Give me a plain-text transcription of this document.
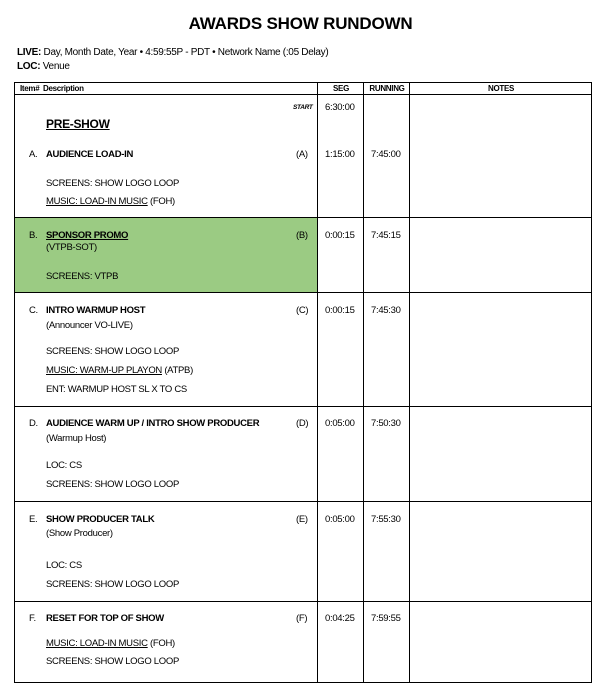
AWARDS SHOW RUNDOWN
LIVE: Day, Month Date, Year • 4:59:55P - PDT • Network Name (:05 Delay)
LOC: Venue
Item# Description	SEG	RUNNING	NOTES
START 6:30:00
PRE-SHOW
A. AUDIENCE LOAD-IN	(A) 1:15:00 7:45:00
SCREENS: SHOW LOGO LOOP
MUSIC: LOAD-IN MUSIC (FOH)
B. SPONSOR PROMO
(VTPB-SOT)
(B) 0:00:15 7:45:15
SCREENS: VTPB
C. INTRO WARMUP HOST
(Announcer VO-LIVE)
(C) 0:00:15 7:45:30
SCREENS: SHOW LOGO LOOP
MUSIC: WARM-UP PLAYON (ATPB)
ENT: WARMUP HOST SL X TO CS
D. AUDIENCE WARM UP / INTRO SHOW PRODUCER
(Warmup Host)
(D) 0:05:00 7:50:30
LOC: CS
SCREENS: SHOW LOGO LOOP
E. SHOW PRODUCER TALK
(Show Producer)
(E) 0:05:00 7:55:30
LOC: CS
SCREENS: SHOW LOGO LOOP
F. RESET FOR TOP OF SHOW	(F) 0:04:25 7:59:55
MUSIC: LOAD-IN MUSIC (FOH)
SCREENS: SHOW LOGO LOOP
